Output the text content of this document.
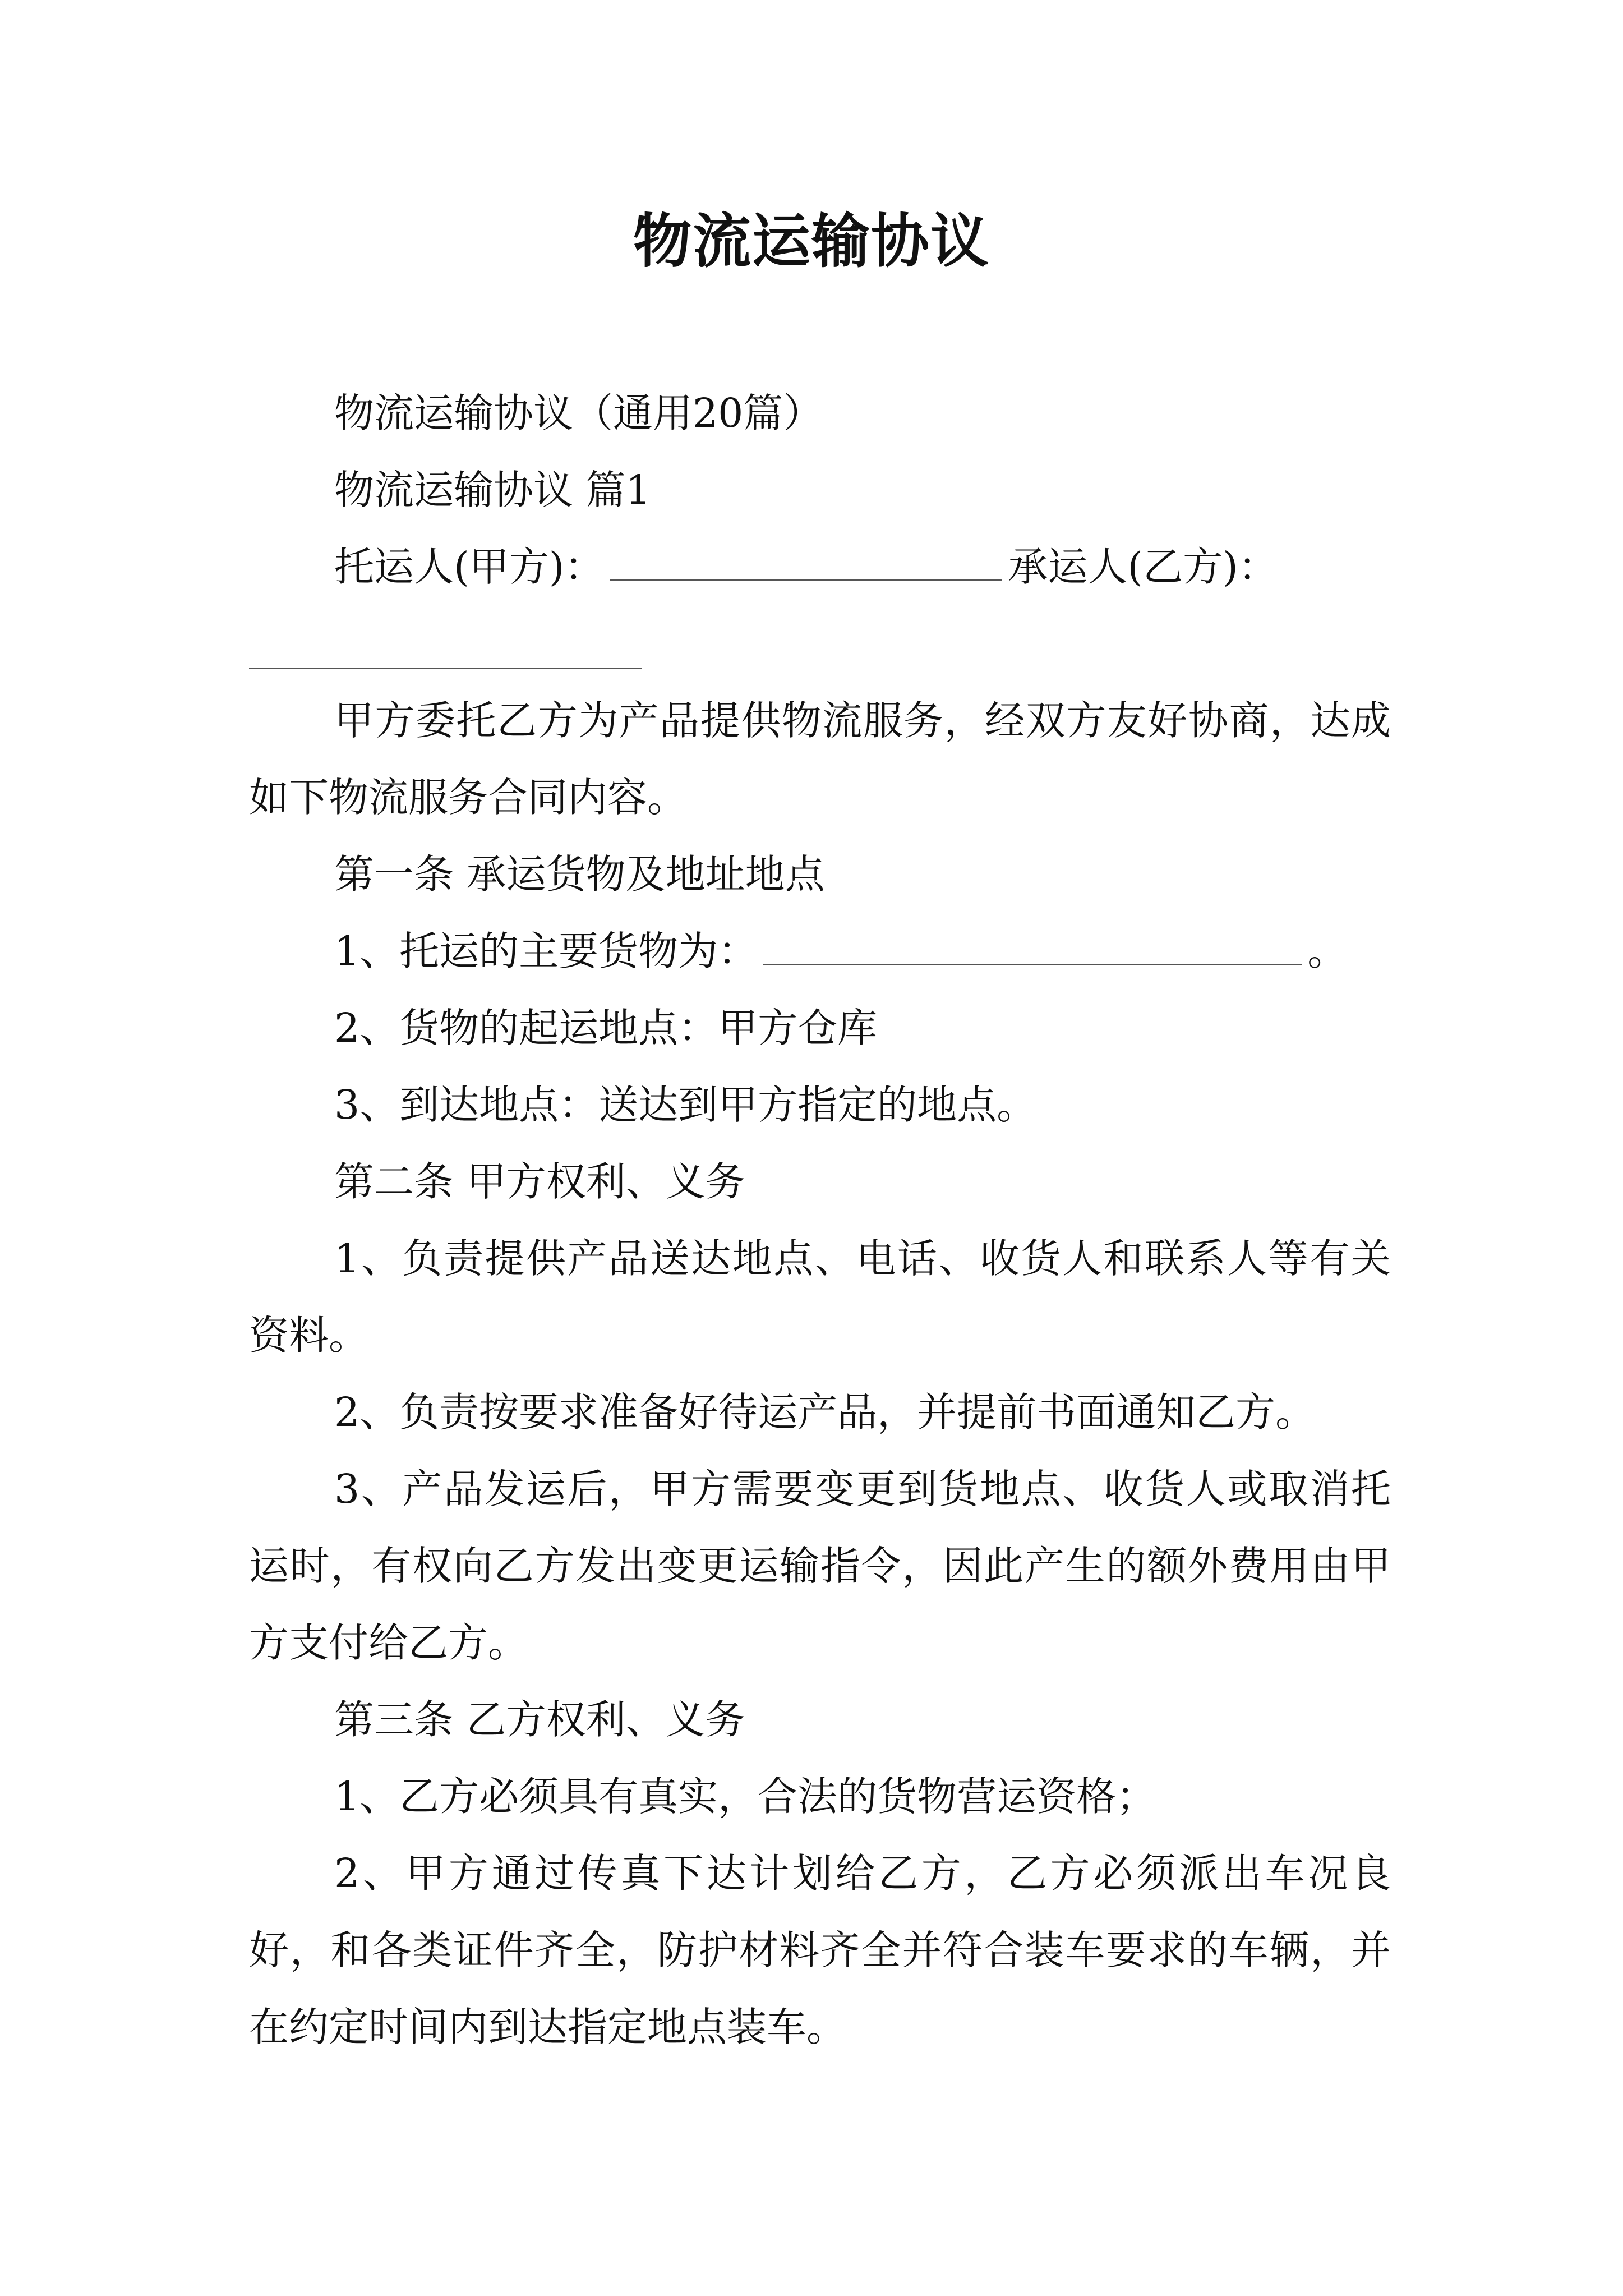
物流运输协议

物流运输协议（通用20篇）

物流运输协议 篇1

托运人(甲方)：	承运人(乙方)：

甲方委托乙方为产品提供物流服务，经双方友好协商，达成如下物流服务合同内容。

第一条 承运货物及地址地点

1、托运的主要货物为：	。

2、货物的起运地点：甲方仓库

3、到达地点：送达到甲方指定的地点。

第二条 甲方权利、义务

1、负责提供产品送达地点、电话、收货人和联系人等有关资料。

2、负责按要求准备好待运产品，并提前书面通知乙方。

3、产品发运后，甲方需要变更到货地点、收货人或取消托运时，有权向乙方发出变更运输指令，因此产生的额外费用由甲方支付给乙方。

第三条 乙方权利、义务

1、乙方必须具有真实，合法的货物营运资格；

2、甲方通过传真下达计划给乙方，乙方必须派出车况良好，和各类证件齐全，防护材料齐全并符合装车要求的车辆，并在约定时间内到达指定地点装车。
